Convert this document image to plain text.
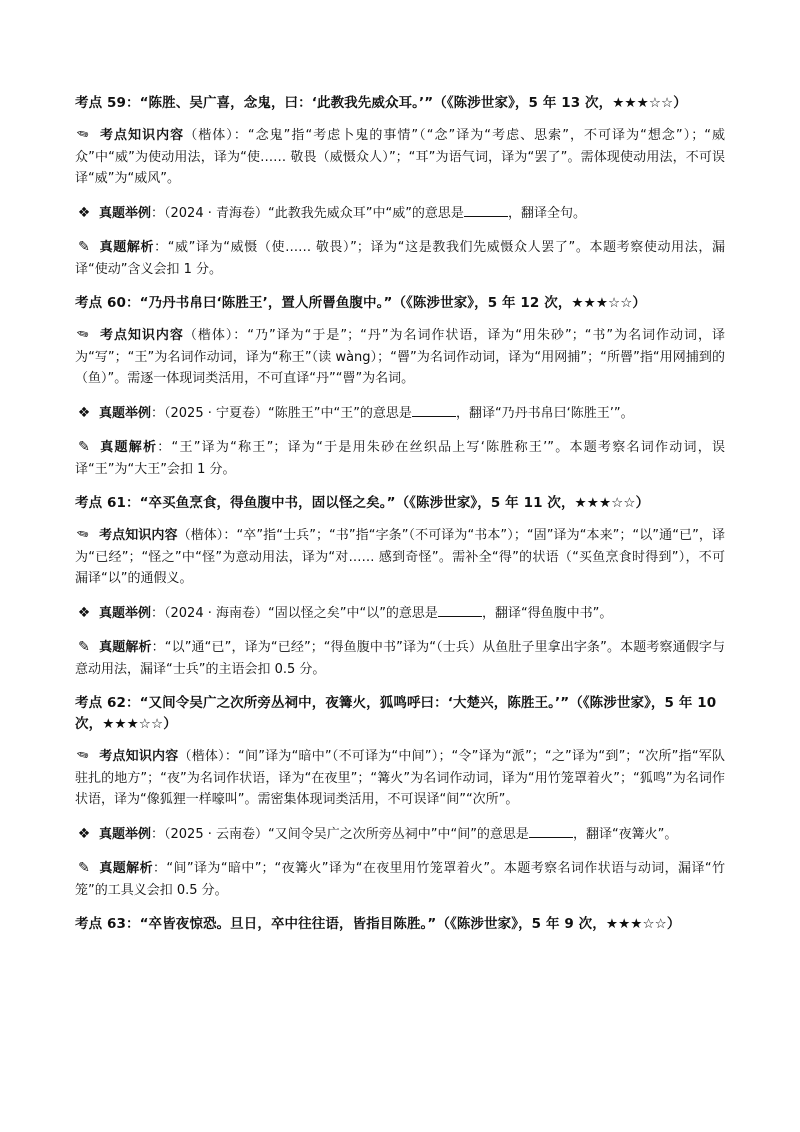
考点 59：“陈胜、吴广喜，念鬼，曰：‘此教我先威众耳。’”（《陈涉世家》，5 年 13 次，★★★☆☆）

✐ 考点知识内容（楷体）：“念鬼”指“考虑卜鬼的事情”（“念”译为“考虑、思索”，不可译为“想念”）；“威众”中“威”为使动用法，译为“使…… 敬畏（威慑众人）”；“耳”为语气词，译为“罢了”。需体现使动用法，不可误译“威”为“威风”。

❖ 真题举例：（2024 · 青海卷）“此教我先威众耳”中“威”的意思是	，翻译全句。

✎ 真题解析：“威”译为“威慑（使…… 敬畏）”；译为“这是教我们先威慑众人罢了”。本题考察使动用法，漏译“使动”含义会扣 1 分。

考点 60：“乃丹书帛曰‘陈胜王’，置人所罾鱼腹中。”（《陈涉世家》，5 年 12 次，★★★☆☆）

✐ 考点知识内容（楷体）：“乃”译为“于是”；“丹”为名词作状语，译为“用朱砂”；“书”为名词作动词，译为“写”；“王”为名词作动词，译为“称王”（读 wàng）；“罾”为名词作动词，译为“用网捕”；“所罾”指“用网捕到的（鱼）”。需逐一体现词类活用，不可直译“丹”“罾”为名词。

❖ 真题举例：（2025 · 宁夏卷）“陈胜王”中“王”的意思是	，翻译“乃丹书帛曰‘陈胜王’”。

✎ 真题解析：“王”译为“称王”；译为“于是用朱砂在丝织品上写‘陈胜称王’”。本题考察名词作动词，误译“王”为“大王”会扣 1 分。

考点 61：“卒买鱼烹食，得鱼腹中书，固以怪之矣。”（《陈涉世家》，5 年 11 次，★★★☆☆）

✐ 考点知识内容（楷体）：“卒”指“士兵”；“书”指“字条”（不可译为“书本”）；“固”译为“本来”；“以”通“已”，译为“已经”；“怪之”中“怪”为意动用法，译为“对…… 感到奇怪”。需补全“得”的状语（“买鱼烹食时得到”），不可漏译“以”的通假义。

❖ 真题举例：（2024 · 海南卷）“固以怪之矣”中“以”的意思是	，翻译“得鱼腹中书”。

✎ 真题解析：“以”通“已”，译为“已经”；“得鱼腹中书”译为“（士兵）从鱼肚子里拿出字条”。本题考察通假字与意动用法，漏译“士兵”的主语会扣 0.5 分。

考点 62：“又间令吴广之次所旁丛祠中，夜篝火，狐鸣呼曰：‘大楚兴，陈胜王。’”（《陈涉世家》，5 年 10 次，★★★☆☆）

✐ 考点知识内容（楷体）：“间”译为“暗中”（不可译为“中间”）；“令”译为“派”；“之”译为“到”；“次所”指“军队驻扎的地方”；“夜”为名词作状语，译为“在夜里”；“篝火”为名词作动词，译为“用竹笼罩着火”；“狐鸣”为名词作状语，译为“像狐狸一样嚎叫”。需密集体现词类活用，不可误译“间”“次所”。

❖ 真题举例：（2025 · 云南卷）“又间令吴广之次所旁丛祠中”中“间”的意思是	，翻译“夜篝火”。

✎ 真题解析：“间”译为“暗中”；“夜篝火”译为“在夜里用竹笼罩着火”。本题考察名词作状语与动词，漏译“竹笼”的工具义会扣 0.5 分。

考点 63：“卒皆夜惊恐。旦日，卒中往往语，皆指目陈胜。”（《陈涉世家》，5 年 9 次，★★★☆☆）
